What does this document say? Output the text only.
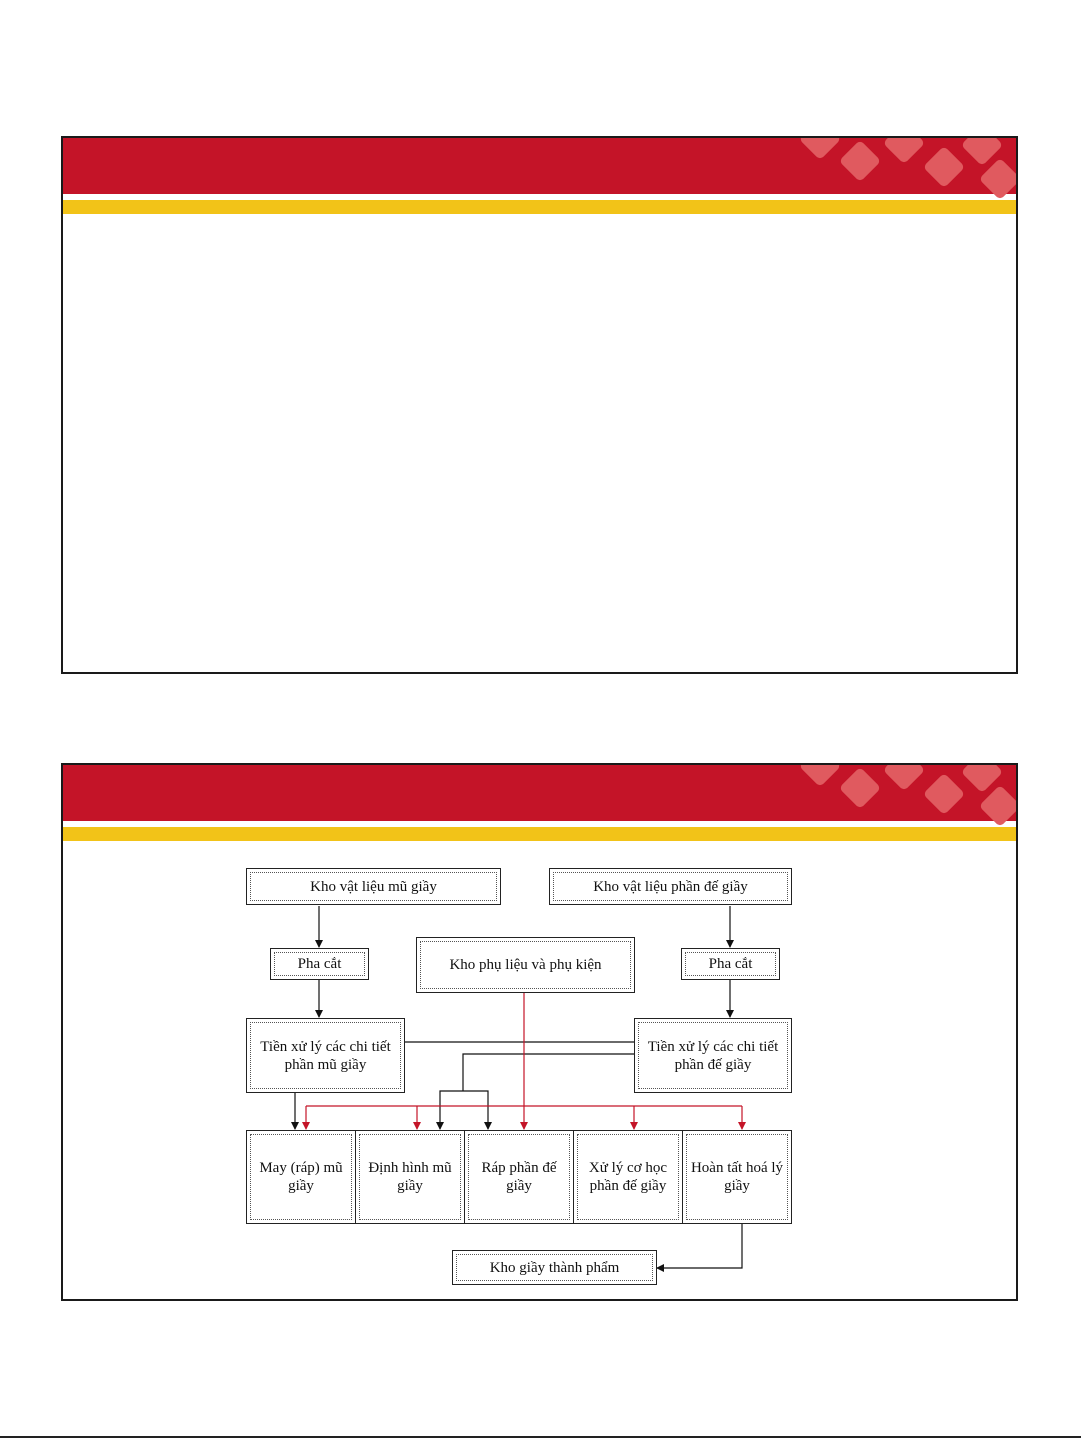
Kho vật liệu mũ giầy	Kho vật liệu phần đế giầy
Kho phụ liệu và phụ kiện
Pha cắt	Pha cắt
Tiền xử lý các chi tiết phần mũ giầy
Tiền xử lý các chi tiết phần đế giầy
May (ráp) mũ giầy
Định hình mũ giầy
Ráp phần đế giầy
Xử lý cơ học phần đế giầy
Hoàn tất hoá lý giầy
Kho giầy thành phẩm
